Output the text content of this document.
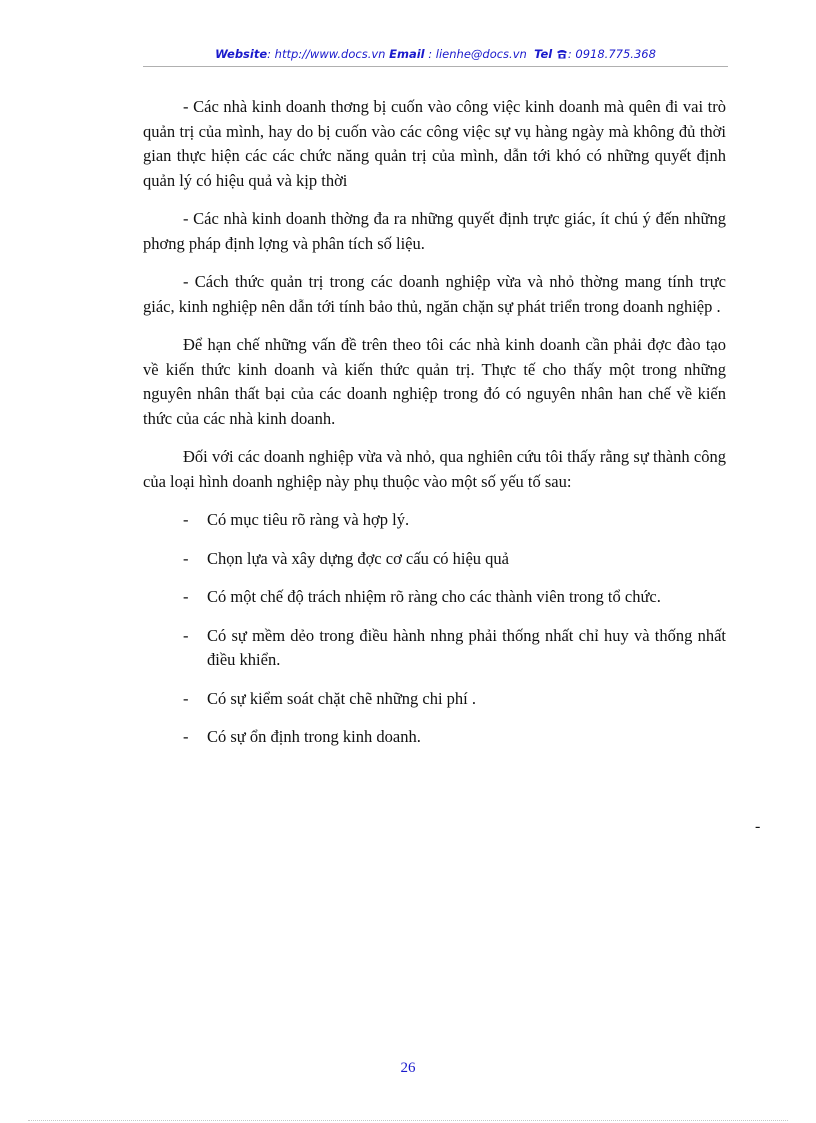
Website: http://www.docs.vn Email : lienhe@docs.vn Tel : 0918.775.368

- Các nhà kinh doanh thơng bị cuốn vào công việc kinh doanh mà quên đi vai trò quản trị của mình, hay do bị cuốn vào các công việc sự vụ hàng ngày mà không đủ thời gian thực hiện các các chức năng quản trị của mình, dẫn tới khó có những quyết định quản lý có hiệu quả và kịp thời

- Các nhà kinh doanh thờng đa ra những quyết định trực giác, ít chú ý đến những phơng pháp định lợng và phân tích số liệu.

- Cách thức quản trị trong các doanh nghiệp vừa và nhỏ thờng mang tính trực giác, kinh nghiệp nên dẫn tới tính bảo thủ, ngăn chặn sự phát triển trong doanh nghiệp .

Để hạn chế những vấn đề trên theo tôi các nhà kinh doanh cần phải đợc đào tạo về kiến thức kinh doanh và kiến thức quản trị. Thực tế cho thấy một trong những nguyên nhân thất bại của các doanh nghiệp trong đó có nguyên nhân han chế về kiến thức của các nhà kinh doanh.

Đối với các doanh nghiệp vừa và nhỏ, qua nghiên cứu tôi thấy rằng sự thành công của loại hình doanh nghiệp này phụ thuộc vào một số yếu tố sau:

- Có mục tiêu rõ ràng và hợp lý.
- Chọn lựa và xây dựng đợc cơ cấu có hiệu quả
- Có một chế độ trách nhiệm rõ ràng cho các thành viên trong tổ chức.
- Có sự mềm dẻo trong điều hành nhng phải thống nhất chỉ huy và thống nhất điều khiển.
- Có sự kiểm soát chặt chẽ những chi phí .
- Có sự ổn định trong kinh doanh.
-
26
